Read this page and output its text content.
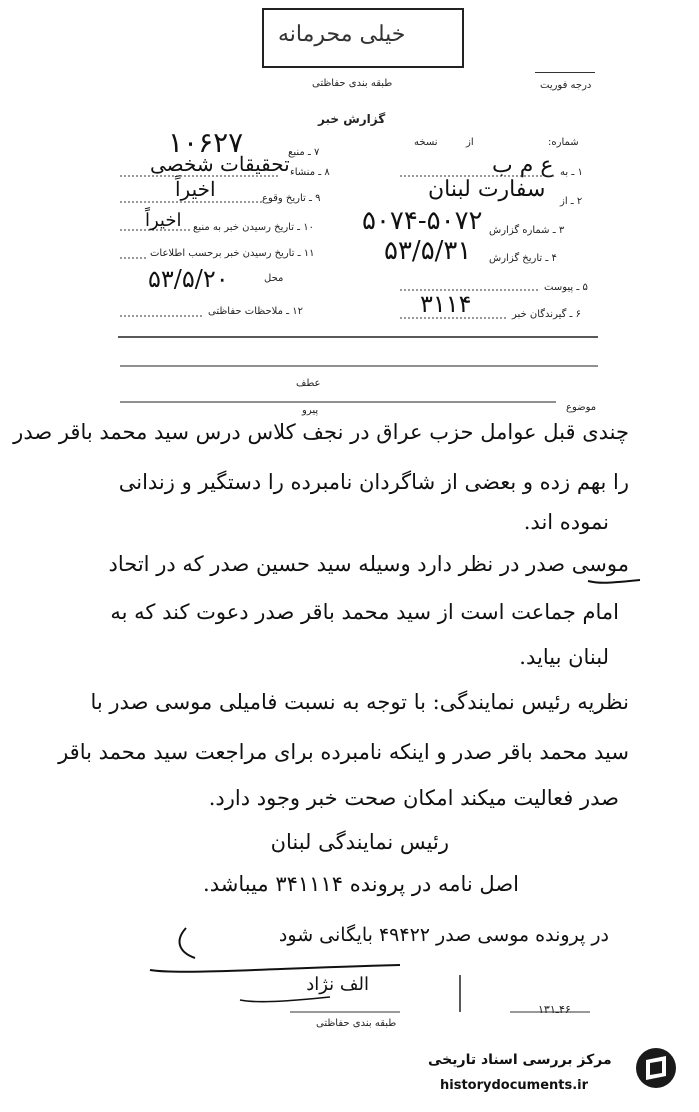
خیلی محرمانه
طبقه بندی حفاظتی	درجه فوریت
گزارش خبر
شماره:
از
نسخه
۱ ـ به
ع م ب
۲ ـ از
سفارت لبنان
۳ ـ شماره گزارش
۵۰۷۴-۵۰۷۲
۴ ـ تاریخ گزارش
۵۳/۵/۳۱
۵ ـ پیوست
۶ ـ گیرندگان خبر
۳۱۱۴
۷ ـ منبع
۱۰۶۲۷
۸ ـ منشاء
تحقیقات شخصی
۹ ـ تاریخ وقوع
اخیراً
۱۰ ـ تاریخ رسیدن خبر به منبع
اخیراً
۱۱ ـ تاریخ رسیدن خبر برحسب اطلاعات
محل
۵۳/۵/۲۰
۱۲ ـ ملاحظات حفاظتی
موضوع
عطف
پیرو
چندی قبل عوامل حزب عراق در نجف کلاس درس سید محمد باقر صدر
را بهم زده و بعضی از شاگردان نامبرده را دستگیر و زندانی
نموده اند.
موسی صدر در نظر دارد وسیله سید حسین صدر که در اتحاد
امام جماعت است از سید محمد باقر صدر دعوت کند که به
لبنان بیاید.
نظریه رئیس نمایندگی: با توجه به نسبت فامیلی موسی صدر با
سید محمد باقر صدر و اینکه نامبرده برای مراجعت سید محمد باقر
صدر فعالیت میکند امکان صحت خبر وجود دارد.
رئیس نمایندگی لبنان
اصل نامه در پرونده ۳۴۱۱۱۴ میباشد.
در پرونده موسی صدر ۴۹۴۲۲ بایگانی شود
الف نژاد
طبقه بندی حفاظتی
۴۶ـ۱۳۱
مرکز بررسی اسناد تاریخی
historydocuments.ir
